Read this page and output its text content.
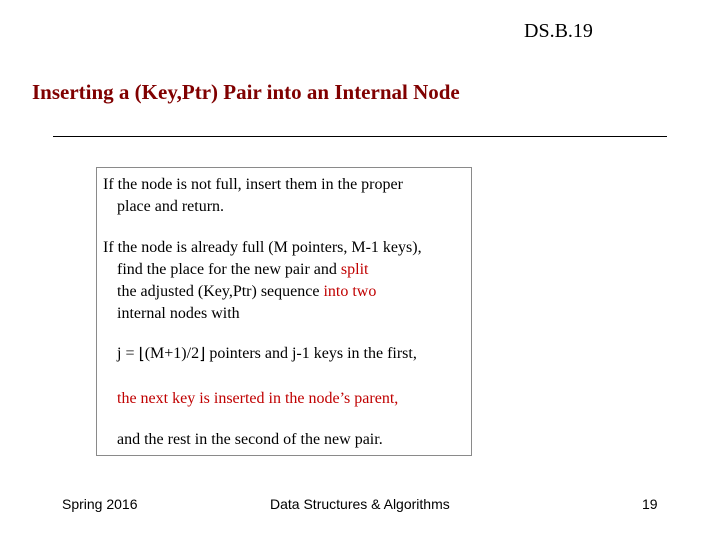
DS.B.19
Inserting a (Key,Ptr) Pair into an Internal Node
If the node is not full, insert them in the proper
place and return.
If the node is already full (M pointers, M-1 keys),
find the place for the new pair and split
the adjusted (Key,Ptr) sequence into two
internal nodes with
j = ⌊(M+1)/2⌋ pointers and j-1 keys in the first,
the next key is inserted in the node’s parent,
and the rest in the second of the new pair.
Spring 2016	Data Structures & Algorithms	19
